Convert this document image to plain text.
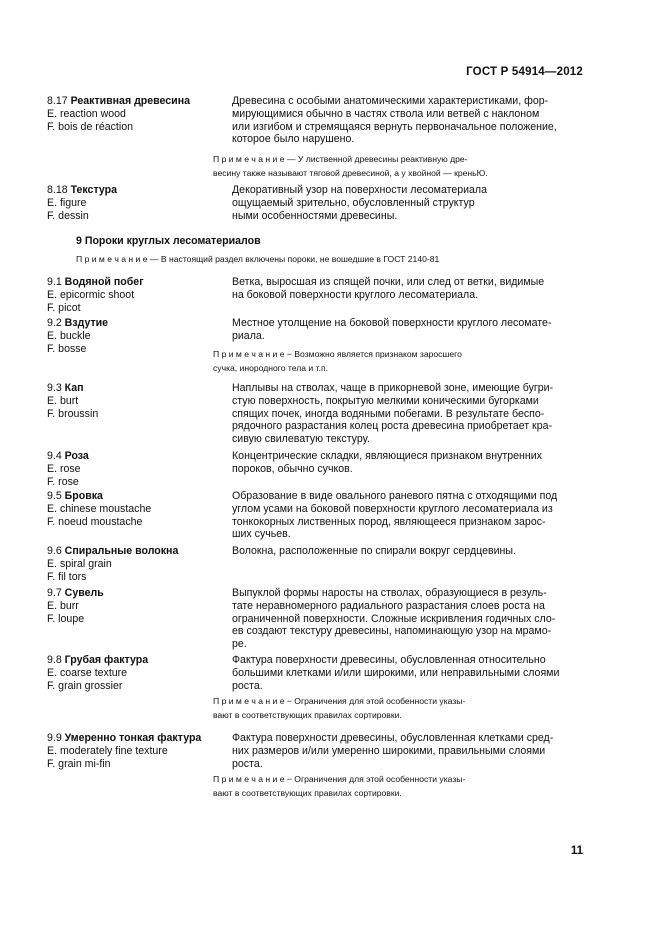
ГОСТ Р 54914—2012
9 Пороки круглых лесоматериалов
П р и м е ч а н и е — В настоящий раздел включены пороки, не вошедшие в ГОСТ 2140-81
8.17 Реактивная древесина
E. reaction wood
F. bois de réaction
Древесина с особыми анатомическими характеристиками, фор-
мирующимися обычно в частях ствола или ветвей с наклоном
или изгибом и стремящаяся вернуть первоначальное положение,
которое было нарушено.
П р и м е ч а н и е — У лиственной древесины реактивную дре-
весину также называют тяговой древесиной, а у хвойной — креньЮ.
8.18 Текстура
E. figure
F. dessin
Декоративный узор на поверхности лесоматериала
ощущаемый зрительно, обусловленный структур
ными особенностями древесины.
9.1 Водяной побег
E. epicormic shoot
F. picot
Ветка, выросшая из спящей почки, или след от ветки, видимые
на боковой поверхности круглого лесоматериала.
9.2 Вздутие
E. buckle
F. bosse
Местное утолщение на боковой поверхности круглого лесомате-
риала.
П р и м е ч а н и е − Возможно является признаком заросшего
сучка, инородного тела и т.п.
9.3 Кап
E. burt
F. broussin
Наплывы на стволах, чаще в прикорневой зоне, имеющие бугри-
стую поверхность, покрытую мелкими коническими бугорками
спящих почек, иногда водяными побегами. В результате беспо-
рядочного разрастания колец роста древесина приобретает кра-
сивую свилеватую текстуру.
9.4 Роза
E. rose
F. rose
Концентрические складки, являющиеся признаком внутренних
пороков, обычно сучков.
9.5 Бровка
E. chinese moustache
F. noeud moustache
Образование в виде овального раневого пятна с отходящими под
углом усами на боковой поверхности круглого лесоматериала из
тонкокорных лиственных пород, являющееся признаком зарос-
ших сучьев.
9.6 Спиральные волокна
E. spiral grain
F. fil tors
Волокна, расположенные по спирали вокруг сердцевины.
9.7 Сувель
E. burr
F. loupe
Выпуклой формы наросты на стволах, образующиеся в резуль-
тате неравномерного радиального разрастания слоев роста на
ограниченной поверхности. Сложные искривления годичных сло-
ев создают текстуру древесины, напоминающую узор на мрамо-
ре.
9.8 Грубая фактура
E. coarse texture
F. grain grossier
Фактура поверхности древесины, обусловленная относительно
большими клетками и/или широкими, или неправильными слоями
роста.
П р и м е ч а н и е − Ограничения для этой особенности указы-
вают в соответствующих правилах сортировки.
9.9 Умеренно тонкая фактура
E. moderately fine texture
F. grain mi-fin
Фактура поверхности древесины, обусловленная клетками сред-
них размеров и/или умеренно широкими, правильными слоями
роста.
П р и м е ч а н и е − Ограничения для этой особенности указы-
вают в соответствующих правилах сортировки.
11
